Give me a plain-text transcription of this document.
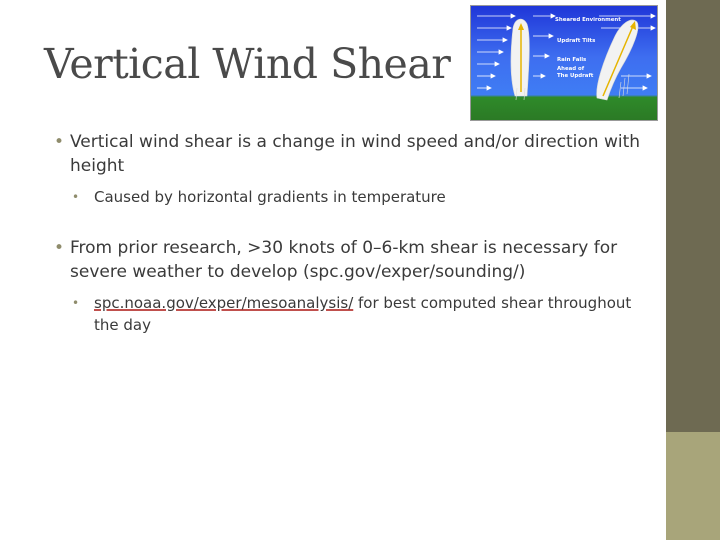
Vertical Wind Shear
Sheared Environment
Updraft Tilts
Rain Falls
Ahead of
The Updraft
• Vertical wind shear is a change in wind speed and/or direction with height
• Caused by horizontal gradients in temperature
• From prior research, >30 knots of 0–6-km shear is necessary for severe weather to develop (spc.gov/exper/sounding/)
• spc.noaa.gov/exper/mesoanalysis/ for best computed shear throughout the day
